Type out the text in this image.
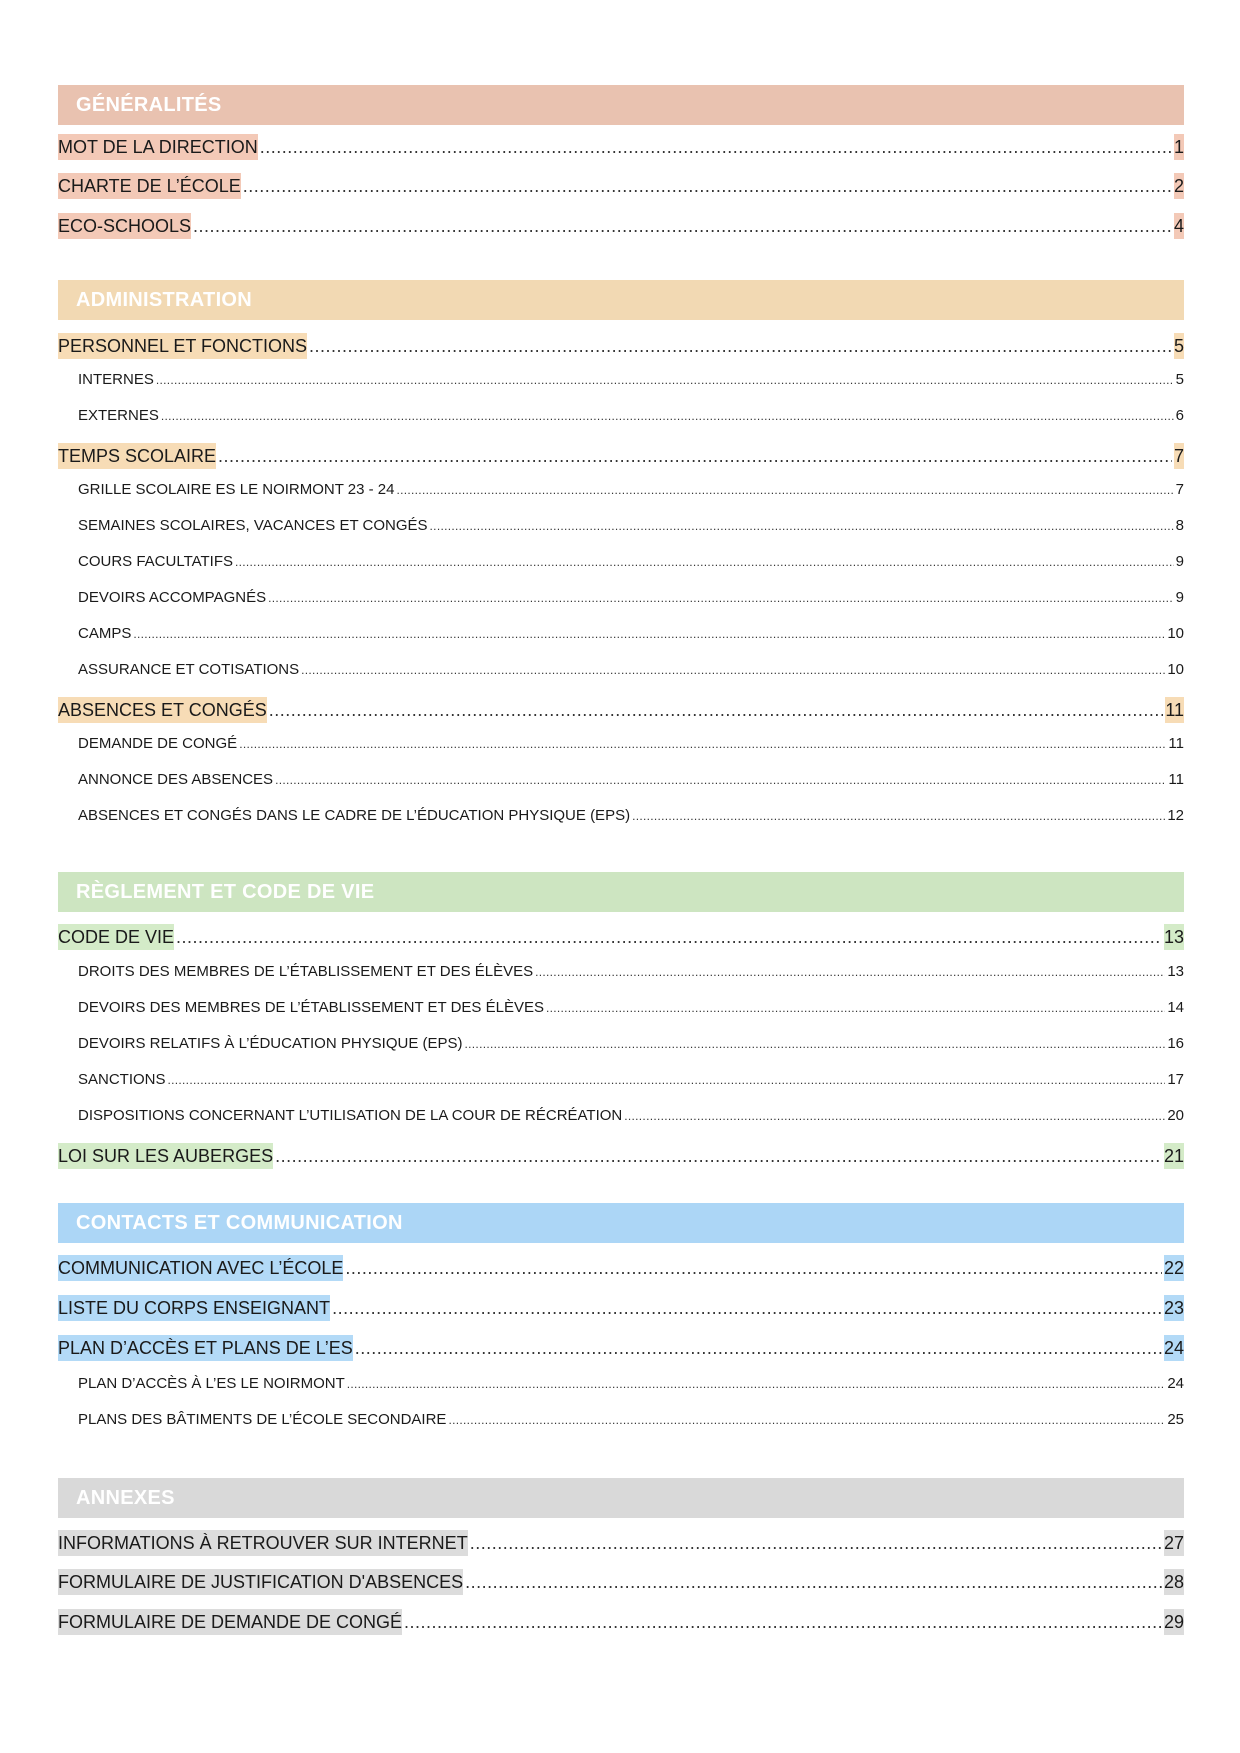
GÉNÉRALITÉS
MOT DE LA DIRECTION .....	1
CHARTE DE L’ÉCOLE .....	2
ECO-SCHOOLS .....	4
ADMINISTRATION
PERSONNEL ET FONCTIONS .....	5
INTERNES .....	5
EXTERNES .....	6
TEMPS SCOLAIRE .....	7
GRILLE SCOLAIRE ES LE NOIRMONT 23 - 24 .....	7
SEMAINES SCOLAIRES, VACANCES ET CONGÉS .....	8
COURS FACULTATIFS .....	9
DEVOIRS ACCOMPAGNÉS .....	9
CAMPS .....	10
ASSURANCE ET COTISATIONS .....	10
ABSENCES ET CONGÉS .....	11
DEMANDE DE CONGÉ .....	11
ANNONCE DES ABSENCES .....	11
ABSENCES ET CONGÉS DANS LE CADRE DE L’ÉDUCATION PHYSIQUE (EPS) .....	12
RÈGLEMENT ET CODE DE VIE
CODE DE VIE .....	13
DROITS DES MEMBRES DE L’ÉTABLISSEMENT ET DES ÉLÈVES .....	13
DEVOIRS DES MEMBRES DE L’ÉTABLISSEMENT ET DES ÉLÈVES .....	14
DEVOIRS RELATIFS À L’ÉDUCATION PHYSIQUE (EPS) .....	16
SANCTIONS .....	17
DISPOSITIONS CONCERNANT L’UTILISATION DE LA COUR DE RÉCRÉATION .....	20
LOI SUR LES AUBERGES .....	21
CONTACTS ET COMMUNICATION
COMMUNICATION AVEC L’ÉCOLE .....	22
LISTE DU CORPS ENSEIGNANT .....	23
PLAN D’ACCÈS ET PLANS DE L’ES .....	24
PLAN D’ACCÈS À L’ES LE NOIRMONT .....	24
PLANS DES BÂTIMENTS DE L’ÉCOLE SECONDAIRE .....	25
ANNEXES
INFORMATIONS À RETROUVER SUR INTERNET .....	27
FORMULAIRE DE JUSTIFICATION D'ABSENCES .....	28
FORMULAIRE DE DEMANDE DE CONGÉ .....	29
